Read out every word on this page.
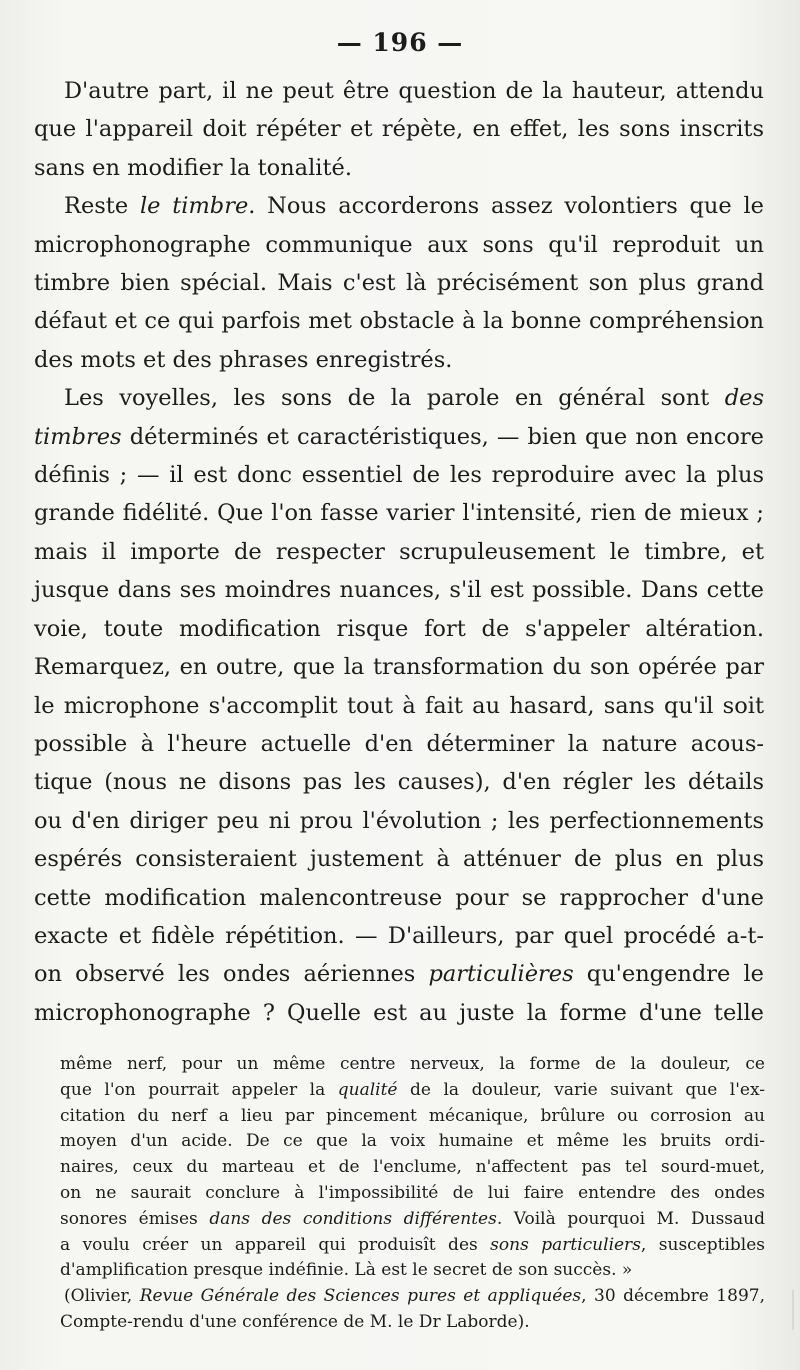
— 196 —
D'autre part, il ne peut être question de la hauteur, attendu
que l'appareil doit répéter et répète, en effet, les sons inscrits
sans en modifier la tonalité.
Reste le timbre. Nous accorderons assez volontiers que le
microphonographe communique aux sons qu'il reproduit un
timbre bien spécial. Mais c'est là précisément son plus grand
défaut et ce qui parfois met obstacle à la bonne compréhension
des mots et des phrases enregistrés.
Les voyelles, les sons de la parole en général sont des
timbres déterminés et caractéristiques, — bien que non encore
définis ; — il est donc essentiel de les reproduire avec la plus
grande fidélité. Que l'on fasse varier l'intensité, rien de mieux ;
mais il importe de respecter scrupuleusement le timbre, et
jusque dans ses moindres nuances, s'il est possible. Dans cette
voie, toute modification risque fort de s'appeler altération.
Remarquez, en outre, que la transformation du son opérée par
le microphone s'accomplit tout à fait au hasard, sans qu'il soit
possible à l'heure actuelle d'en déterminer la nature acous-
tique (nous ne disons pas les causes), d'en régler les détails
ou d'en diriger peu ni prou l'évolution ; les perfectionnements
espérés consisteraient justement à atténuer de plus en plus
cette modification malencontreuse pour se rapprocher d'une
exacte et fidèle répétition. — D'ailleurs, par quel procédé a-t-
on observé les ondes aériennes particulières qu'engendre le
microphonographe ? Quelle est au juste la forme d'une telle
même nerf, pour un même centre nerveux, la forme de la douleur, ce
que l'on pourrait appeler la qualité de la douleur, varie suivant que l'ex-
citation du nerf a lieu par pincement mécanique, brûlure ou corrosion au
moyen d'un acide. De ce que la voix humaine et même les bruits ordi-
naires, ceux du marteau et de l'enclume, n'affectent pas tel sourd-muet,
on ne saurait conclure à l'impossibilité de lui faire entendre des ondes
sonores émises dans des conditions différentes. Voilà pourquoi M. Dussaud
a voulu créer un appareil qui produisît des sons particuliers, susceptibles
d'amplification presque indéfinie. Là est le secret de son succès. »
(Olivier, Revue Générale des Sciences pures et appliquées, 30 décembre 1897,
Compte-rendu d'une conférence de M. le Dr Laborde).
